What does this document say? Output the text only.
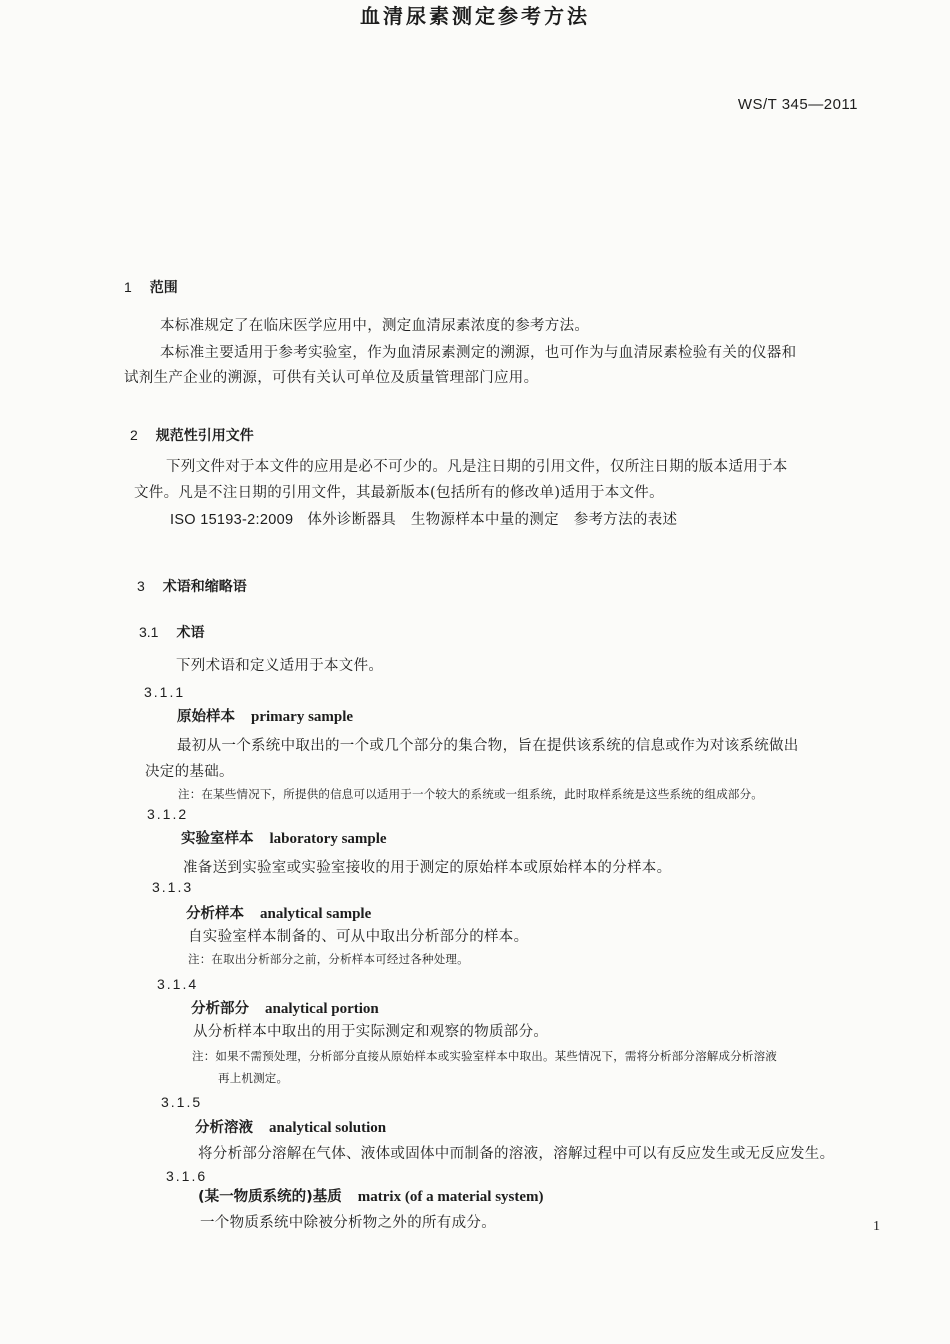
WS/T 345—2011
血清尿素测定参考方法
1 范围
本标准规定了在临床医学应用中，测定血清尿素浓度的参考方法。
本标准主要适用于参考实验室，作为血清尿素测定的溯源，也可作为与血清尿素检验有关的仪器和
试剂生产企业的溯源，可供有关认可单位及质量管理部门应用。
2 规范性引用文件
下列文件对于本文件的应用是必不可少的。凡是注日期的引用文件，仅所注日期的版本适用于本
文件。凡是不注日期的引用文件，其最新版本(包括所有的修改单)适用于本文件。
ISO 15193-2:2009 体外诊断器具　生物源样本中量的测定　参考方法的表述
3 术语和缩略语
3.1 术语
下列术语和定义适用于本文件。
3.1.1
原始样本 primary sample
最初从一个系统中取出的一个或几个部分的集合物，旨在提供该系统的信息或作为对该系统做出
决定的基础。
注：在某些情况下，所提供的信息可以适用于一个较大的系统或一组系统，此时取样系统是这些系统的组成部分。
3.1.2
实验室样本 laboratory sample
准备送到实验室或实验室接收的用于测定的原始样本或原始样本的分样本。
3.1.3
分析样本 analytical sample
自实验室样本制备的、可从中取出分析部分的样本。
注：在取出分析部分之前，分析样本可经过各种处理。
3.1.4
分析部分 analytical portion
从分析样本中取出的用于实际测定和观察的物质部分。
注：如果不需预处理，分析部分直接从原始样本或实验室样本中取出。某些情况下，需将分析部分溶解成分析溶液
再上机测定。
3.1.5
分析溶液 analytical solution
将分析部分溶解在气体、液体或固体中而制备的溶液，溶解过程中可以有反应发生或无反应发生。
3.1.6
(某一物质系统的)基质 matrix (of a material system)
一个物质系统中除被分析物之外的所有成分。	1
